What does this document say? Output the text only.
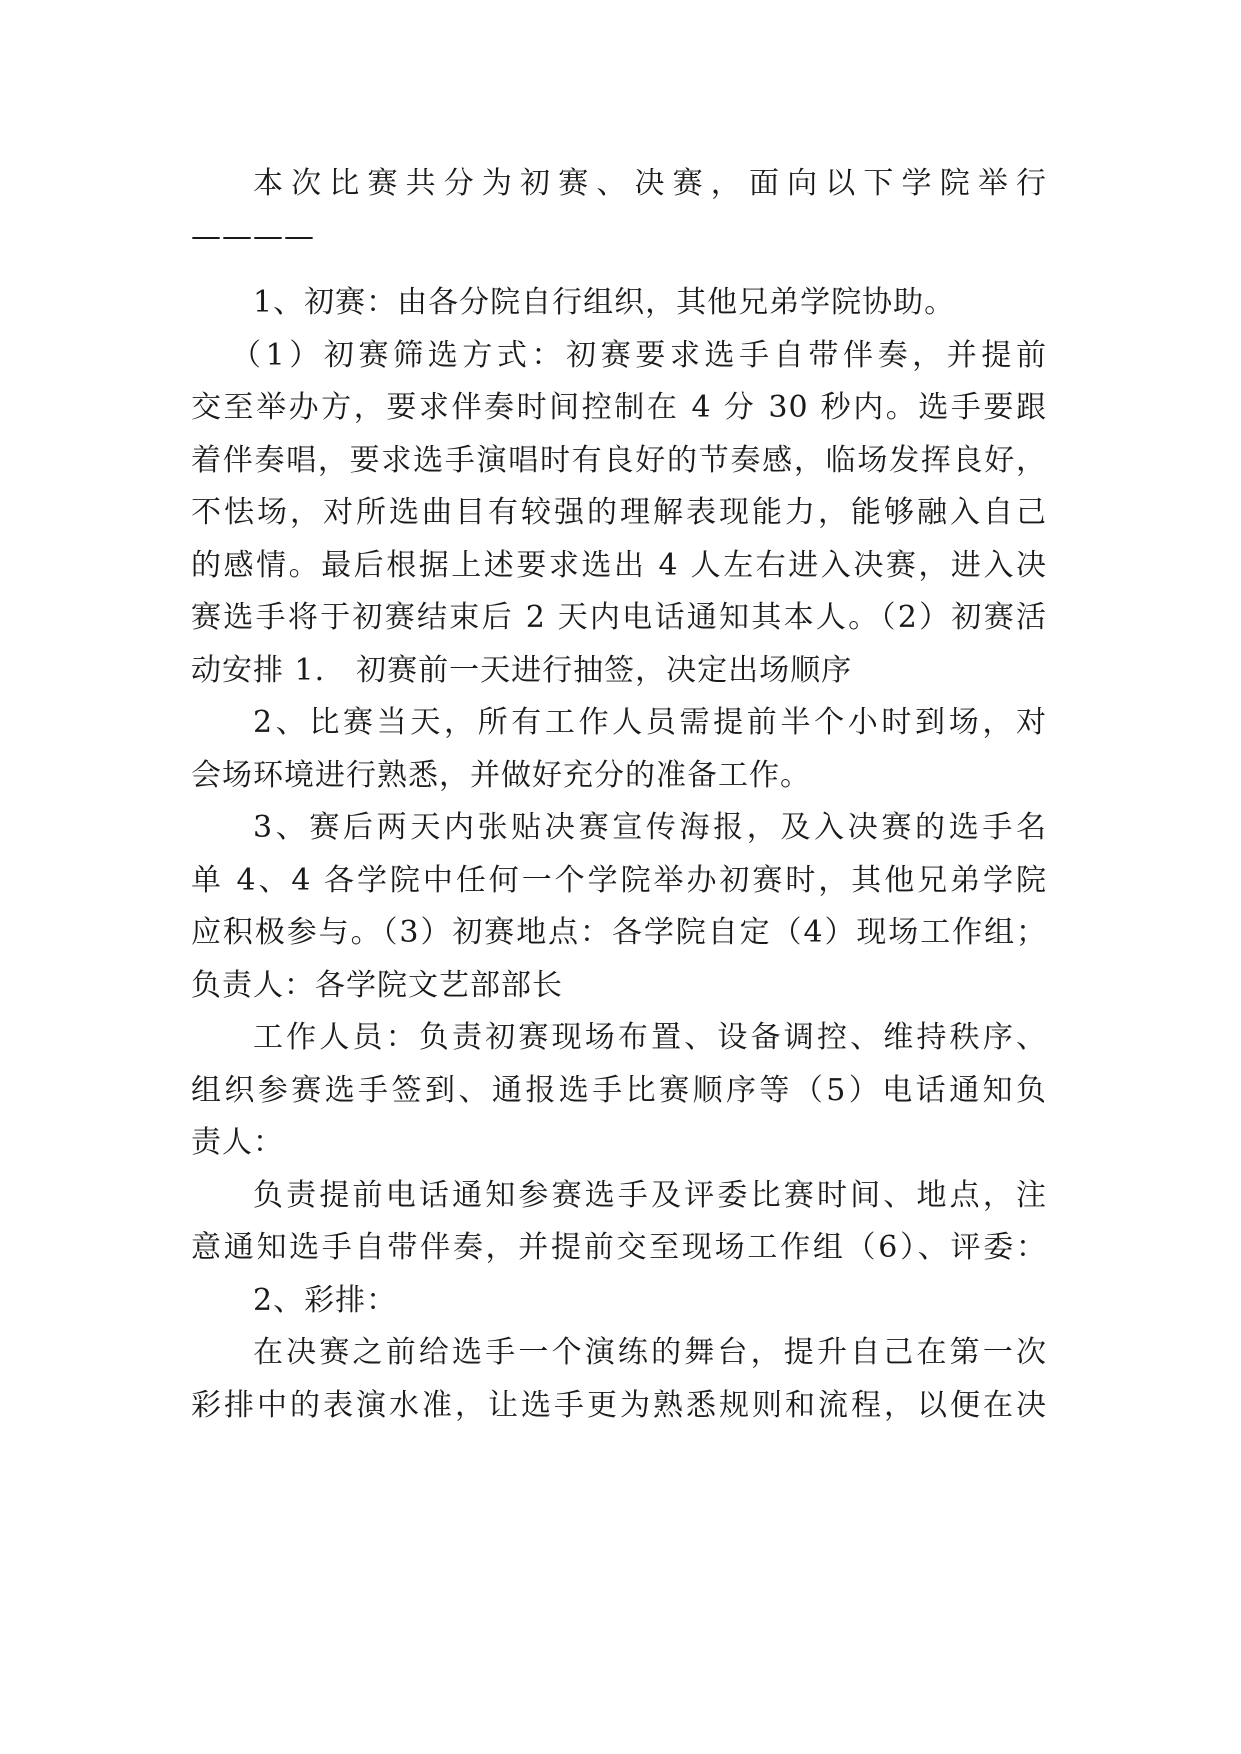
本次比赛共分为初赛、决赛，面向以下学院举行
————

1、初赛：由各分院自行组织，其他兄弟学院协助。

（1）初赛筛选方式：初赛要求选手自带伴奏，并提前
交至举办方，要求伴奏时间控制在 4 分 30 秒内。选手要跟
着伴奏唱，要求选手演唱时有良好的节奏感，临场发挥良好，
不怯场，对所选曲目有较强的理解表现能力，能够融入自己
的感情。最后根据上述要求选出 4 人左右进入决赛，进入决
赛选手将于初赛结束后 2 天内电话通知其本人。（2）初赛活
动安排 1.　初赛前一天进行抽签，决定出场顺序

2、比赛当天，所有工作人员需提前半个小时到场，对
会场环境进行熟悉，并做好充分的准备工作。

3、赛后两天内张贴决赛宣传海报，及入决赛的选手名
单 4、4 各学院中任何一个学院举办初赛时，其他兄弟学院
应积极参与。（3）初赛地点：各学院自定（4）现场工作组；
负责人：各学院文艺部部长

工作人员：负责初赛现场布置、设备调控、维持秩序、
组织参赛选手签到、通报选手比赛顺序等（5）电话通知负
责人：

负责提前电话通知参赛选手及评委比赛时间、地点，注
意通知选手自带伴奏，并提前交至现场工作组（6）、评委：

2、彩排：

在决赛之前给选手一个演练的舞台，提升自己在第一次
彩排中的表演水准，让选手更为熟悉规则和流程，以便在决
